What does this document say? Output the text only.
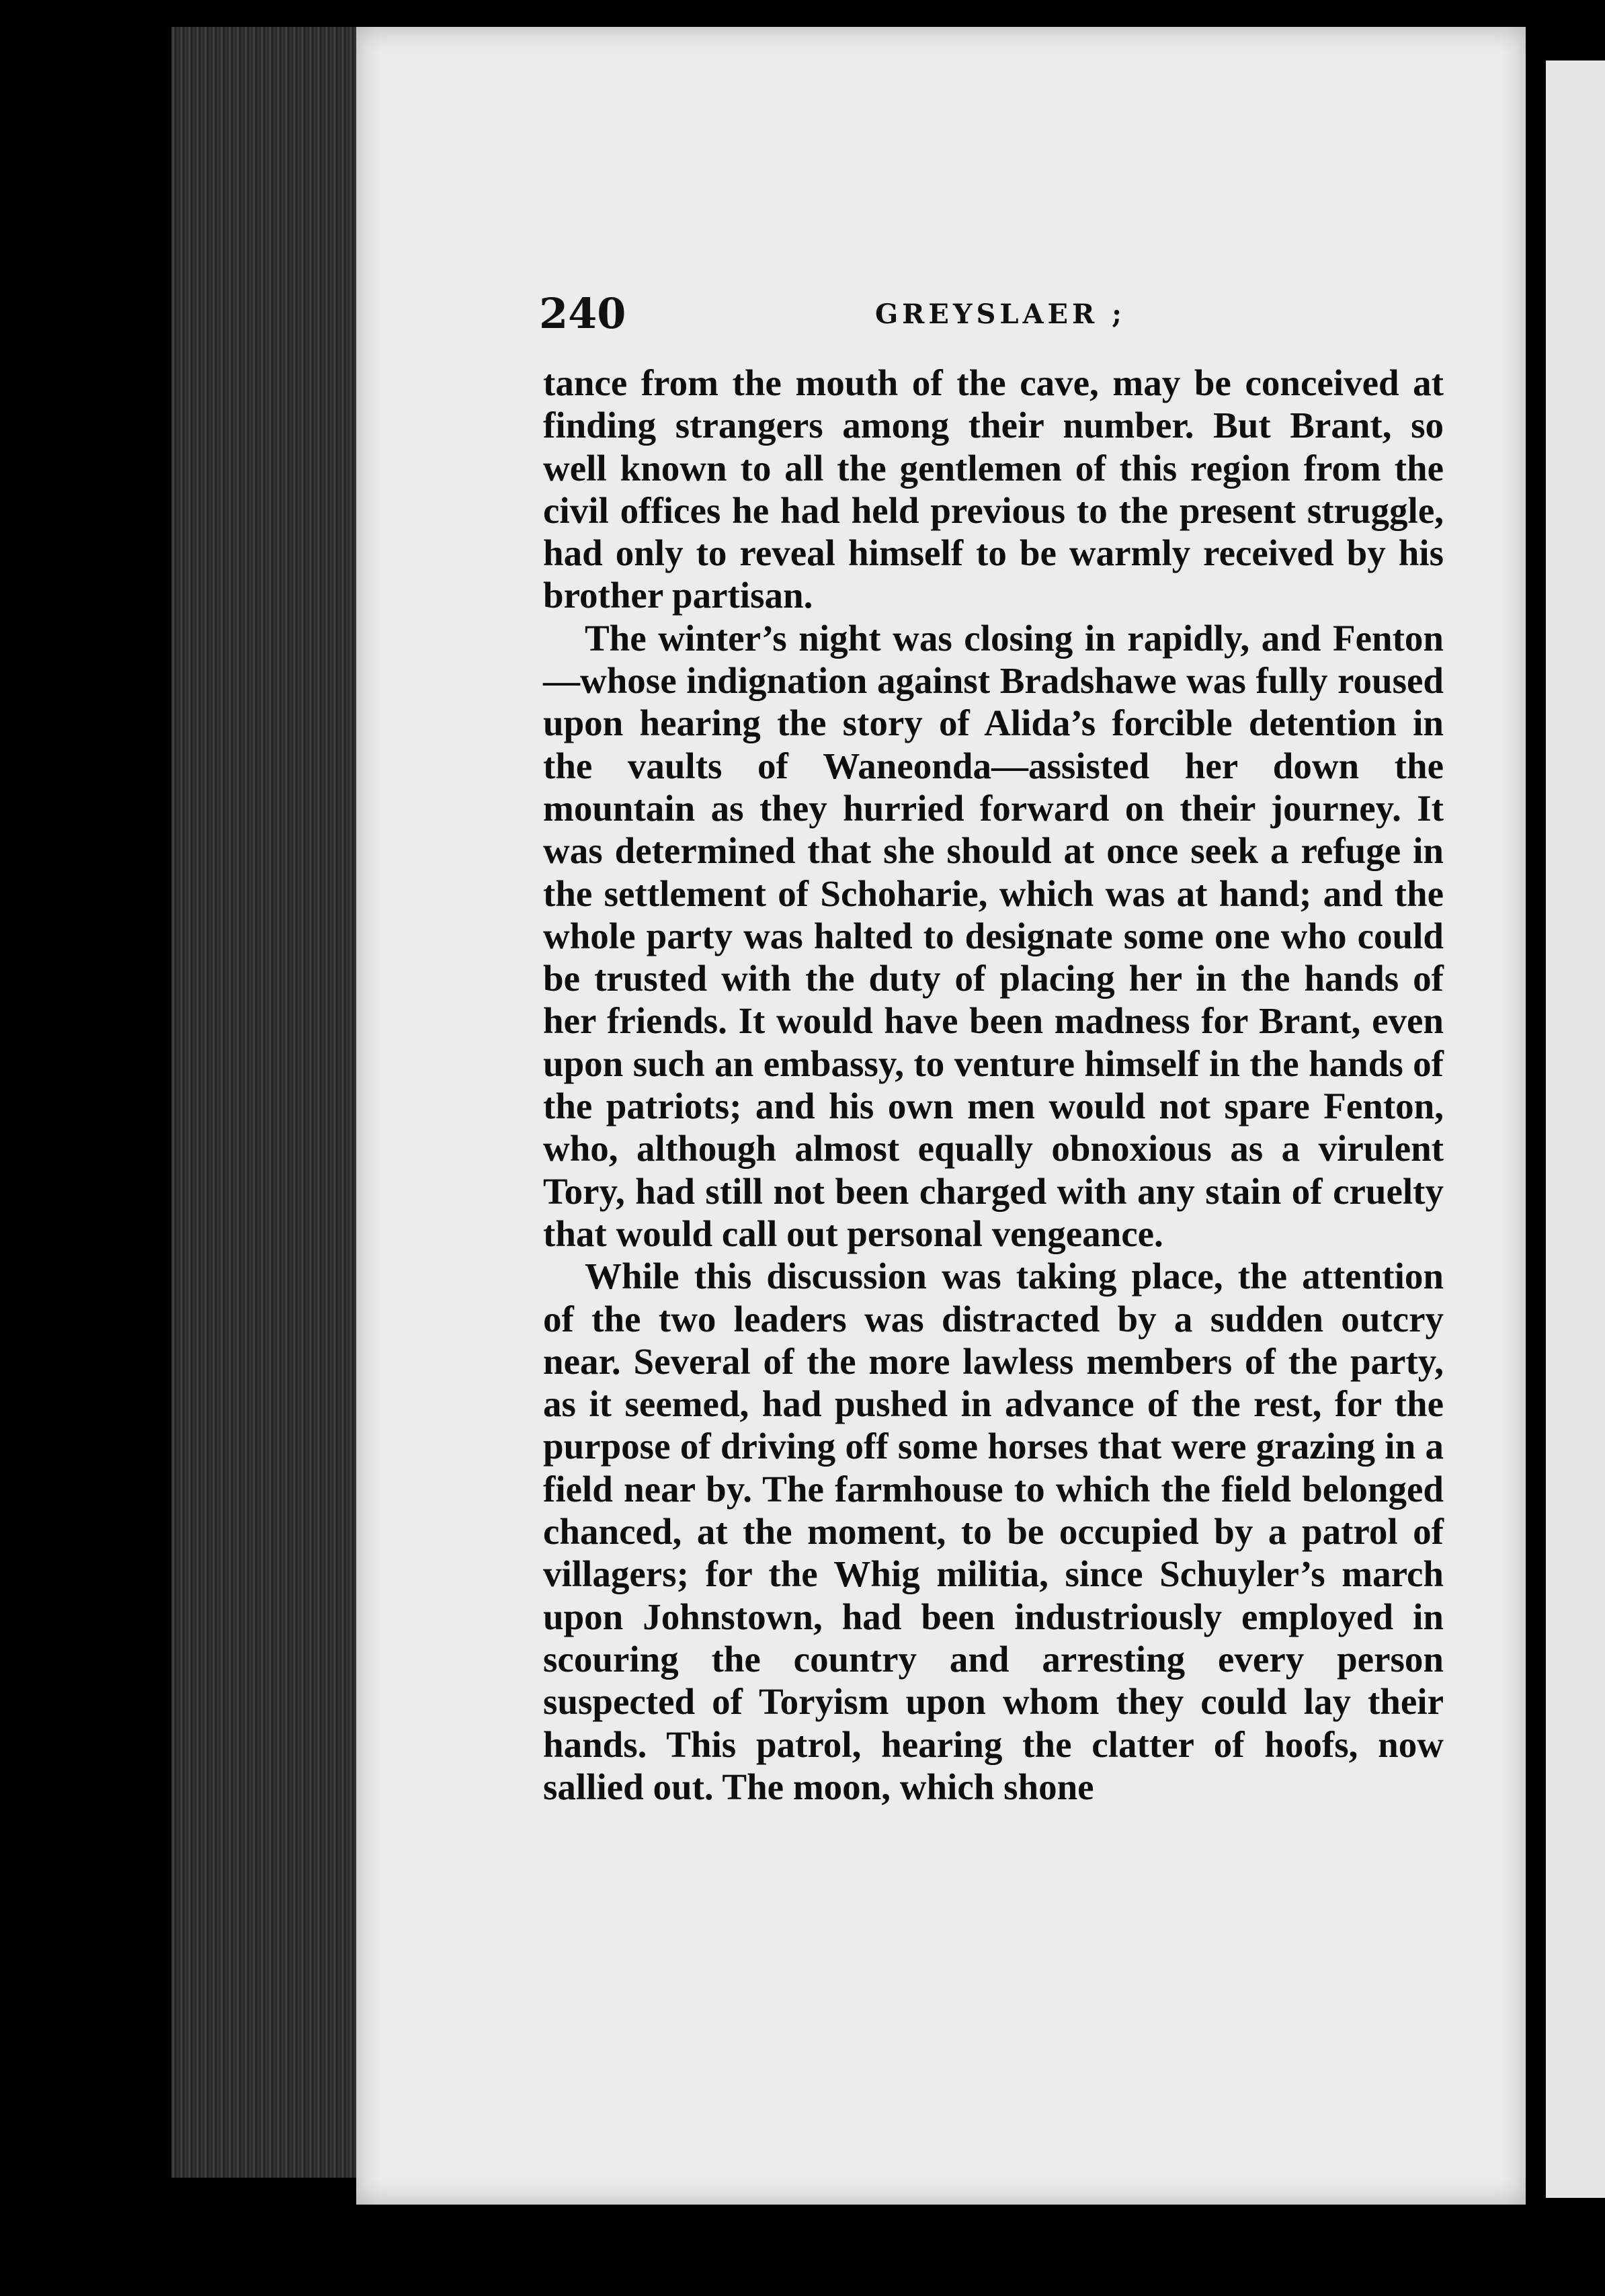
240	GREYSLAER ;

tance from the mouth of the cave, may be conceived at finding strangers among their number. But Brant, so well known to all the gentlemen of this region from the civil offices he had held previous to the present struggle, had only to reveal himself to be warmly received by his brother partisan.

The winter’s night was closing in rapidly, and Fenton—whose indignation against Bradshawe was fully roused upon hearing the story of Alida’s forcible detention in the vaults of Waneonda—assisted her down the mountain as they hurried forward on their journey. It was determined that she should at once seek a refuge in the settlement of Schoharie, which was at hand; and the whole party was halted to designate some one who could be trusted with the duty of placing her in the hands of her friends. It would have been madness for Brant, even upon such an embassy, to venture himself in the hands of the patriots; and his own men would not spare Fenton, who, although almost equally obnoxious as a virulent Tory, had still not been charged with any stain of cruelty that would call out personal vengeance.

While this discussion was taking place, the attention of the two leaders was distracted by a sudden outcry near. Several of the more lawless members of the party, as it seemed, had pushed in advance of the rest, for the purpose of driving off some horses that were grazing in a field near by. The farmhouse to which the field belonged chanced, at the moment, to be occupied by a patrol of villagers; for the Whig militia, since Schuyler’s march upon Johnstown, had been industriously employed in scouring the country and arresting every person suspected of Toryism upon whom they could lay their hands. This patrol, hearing the clatter of hoofs, now sallied out. The moon, which shone
